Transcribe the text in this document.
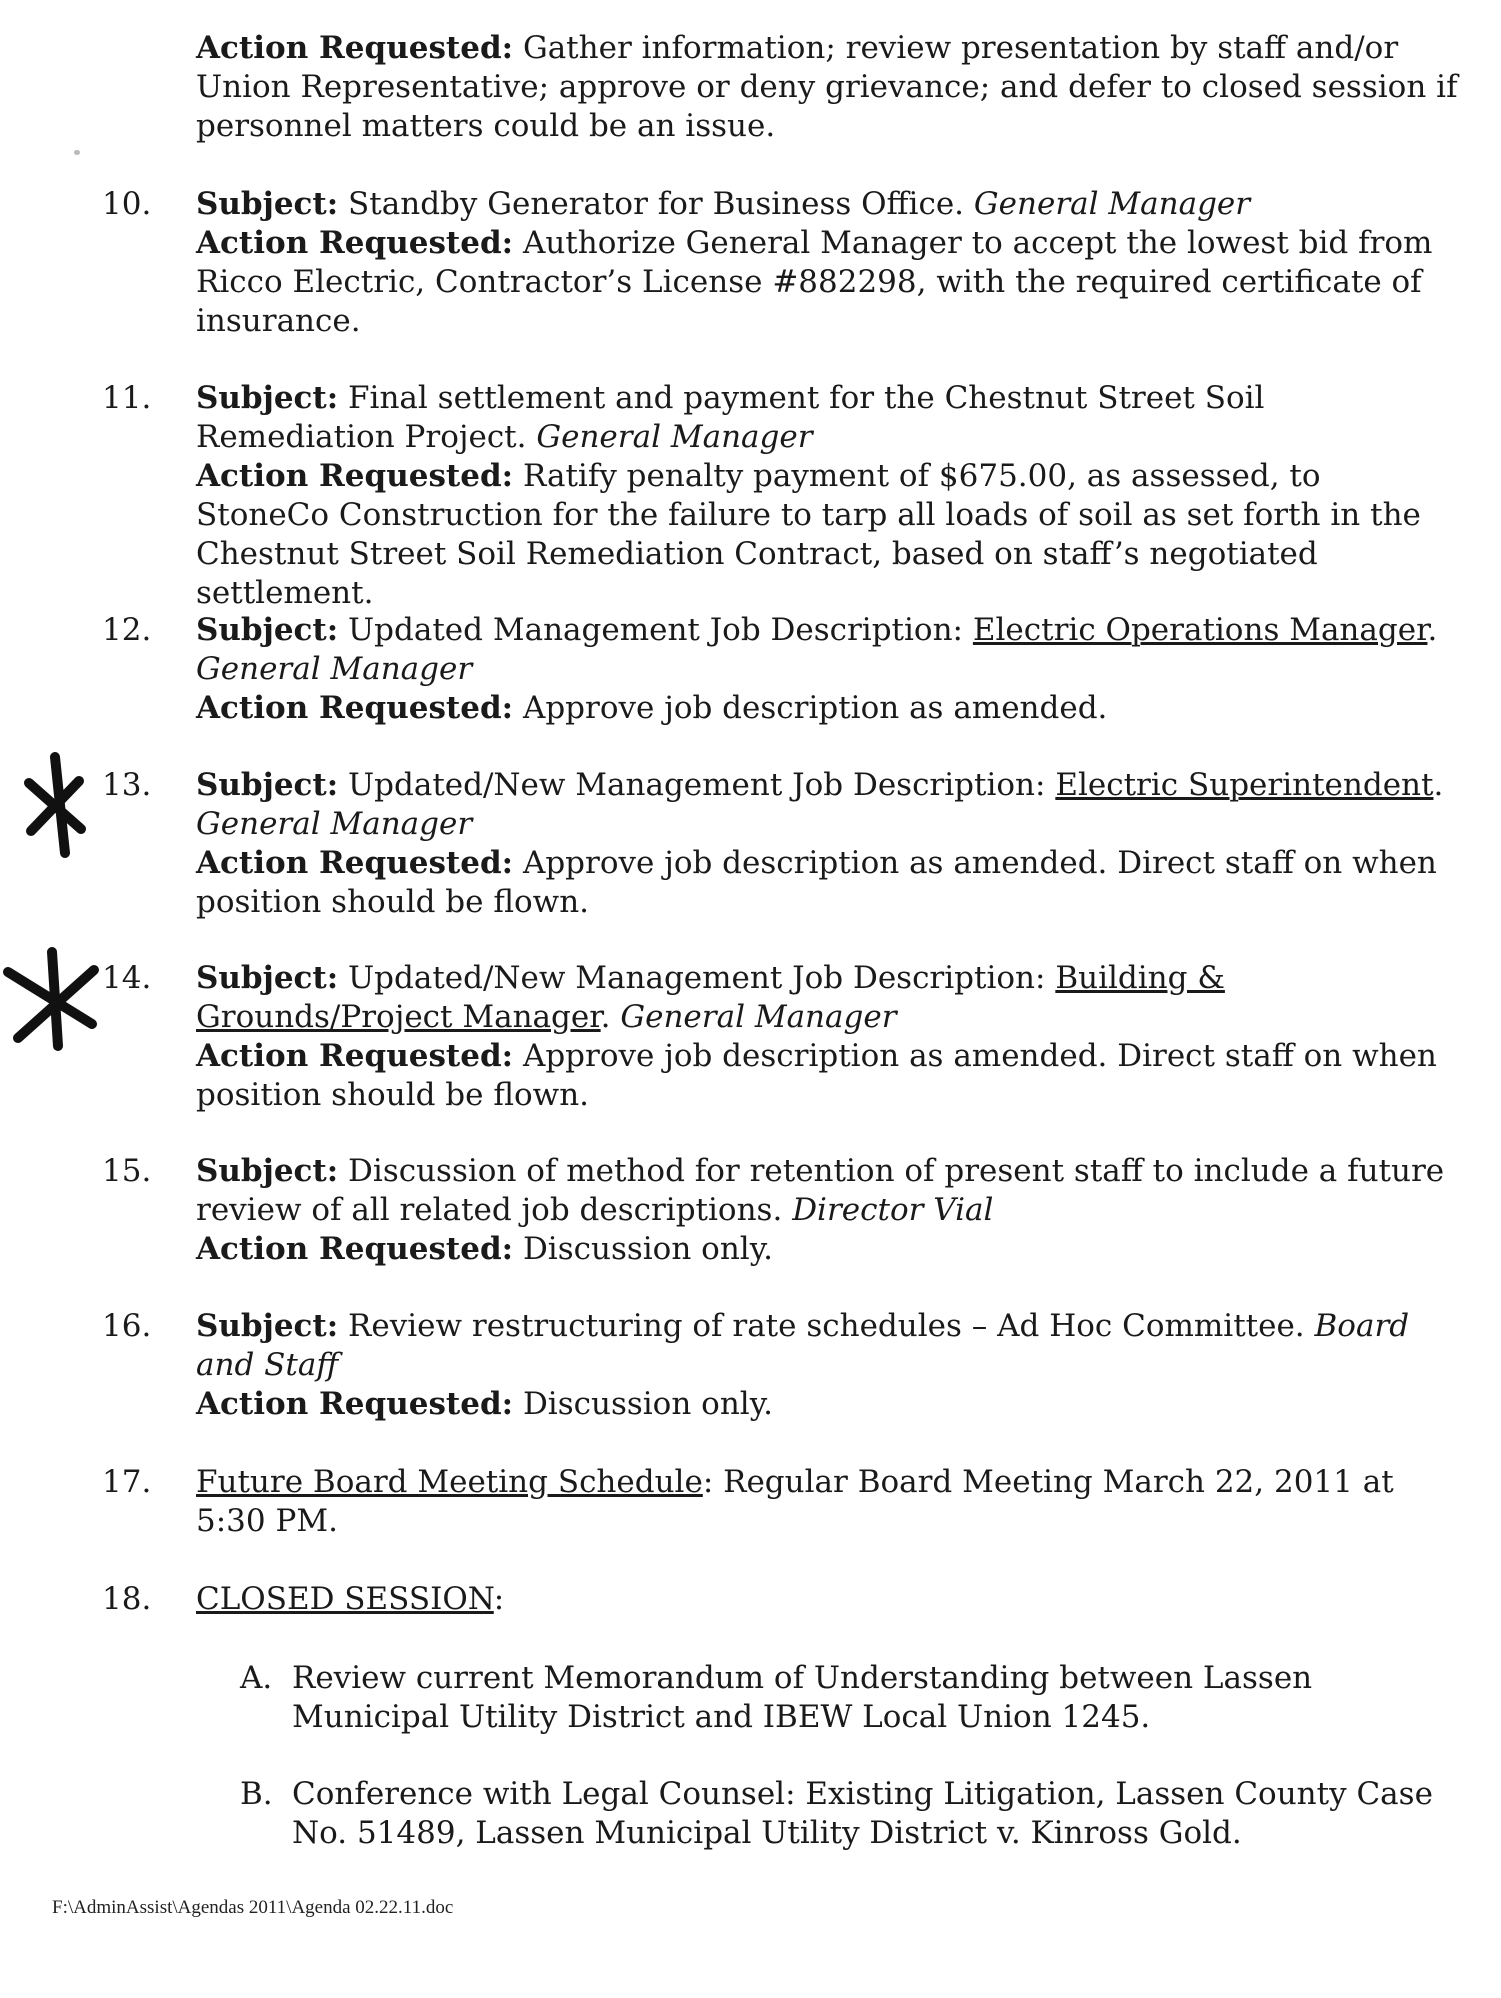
Action Requested: Gather information; review presentation by staff and/or Union Representative; approve or deny grievance; and defer to closed session if personnel matters could be an issue.
10.	Subject: Standby Generator for Business Office. General Manager
Action Requested: Authorize General Manager to accept the lowest bid from Ricco Electric, Contractor’s License #882298, with the required certificate of insurance.
11.	Subject: Final settlement and payment for the Chestnut Street Soil Remediation Project. General Manager
Action Requested: Ratify penalty payment of $675.00, as assessed, to StoneCo Construction for the failure to tarp all loads of soil as set forth in the Chestnut Street Soil Remediation Contract, based on staff’s negotiated settlement.
12.	Subject: Updated Management Job Description: Electric Operations Manager. General Manager
Action Requested: Approve job description as amended.
13.	Subject: Updated/New Management Job Description: Electric Superintendent. General Manager
Action Requested: Approve job description as amended. Direct staff on when position should be flown.
14.	Subject: Updated/New Management Job Description: Building & Grounds/Project Manager. General Manager
Action Requested: Approve job description as amended. Direct staff on when position should be flown.
15.	Subject: Discussion of method for retention of present staff to include a future review of all related job descriptions. Director Vial
Action Requested: Discussion only.
16.	Subject: Review restructuring of rate schedules – Ad Hoc Committee. Board and Staff
Action Requested: Discussion only.
17.	Future Board Meeting Schedule: Regular Board Meeting March 22, 2011 at 5:30 PM.
18.	CLOSED SESSION:
A. Review current Memorandum of Understanding between Lassen Municipal Utility District and IBEW Local Union 1245.
B. Conference with Legal Counsel: Existing Litigation, Lassen County Case No. 51489, Lassen Municipal Utility District v. Kinross Gold.
F:\AdminAssist\Agendas 2011\Agenda 02.22.11.doc
